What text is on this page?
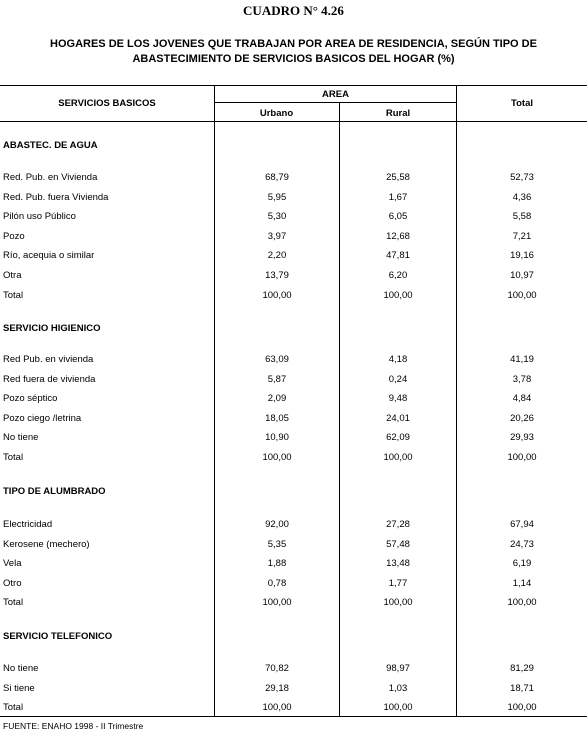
CUADRO N° 4.26
HOGARES DE LOS JOVENES QUE TRABAJAN POR AREA DE RESIDENCIA, SEGÚN TIPO DE
ABASTECIMIENTO DE SERVICIOS BASICOS DEL HOGAR (%)
SERVICIOS BASICOS
AREA
Urbano	Rural
Total
ABASTEC. DE AGUA
Red. Pub. en Vivienda	68,79	25,58	52,73
Red. Pub. fuera Vivienda	5,95	1,67	4,36
Pilón uso Público	5,30	6,05	5,58
Pozo	3,97	12,68	7,21
Río, acequia o similar	2,20	47,81	19,16
Otra	13,79	6,20	10,97
Total	100,00	100,00	100,00
SERVICIO HIGIENICO
Red Pub. en vivienda	63,09	4,18	41,19
Red fuera de vivienda	5,87	0,24	3,78
Pozo séptico	2,09	9,48	4,84
Pozo ciego /letrina	18,05	24,01	20,26
No tiene	10,90	62,09	29,93
Total	100,00	100,00	100,00
TIPO DE ALUMBRADO
Electricidad	92,00	27,28	67,94
Kerosene (mechero)	5,35	57,48	24,73
Vela	1,88	13,48	6,19
Otro	0,78	1,77	1,14
Total	100,00	100,00	100,00
SERVICIO TELEFONICO
No tiene	70,82	98,97	81,29
Si tiene	29,18	1,03	18,71
Total	100,00	100,00	100,00
FUENTE: ENAHO 1998 - II Trimestre
